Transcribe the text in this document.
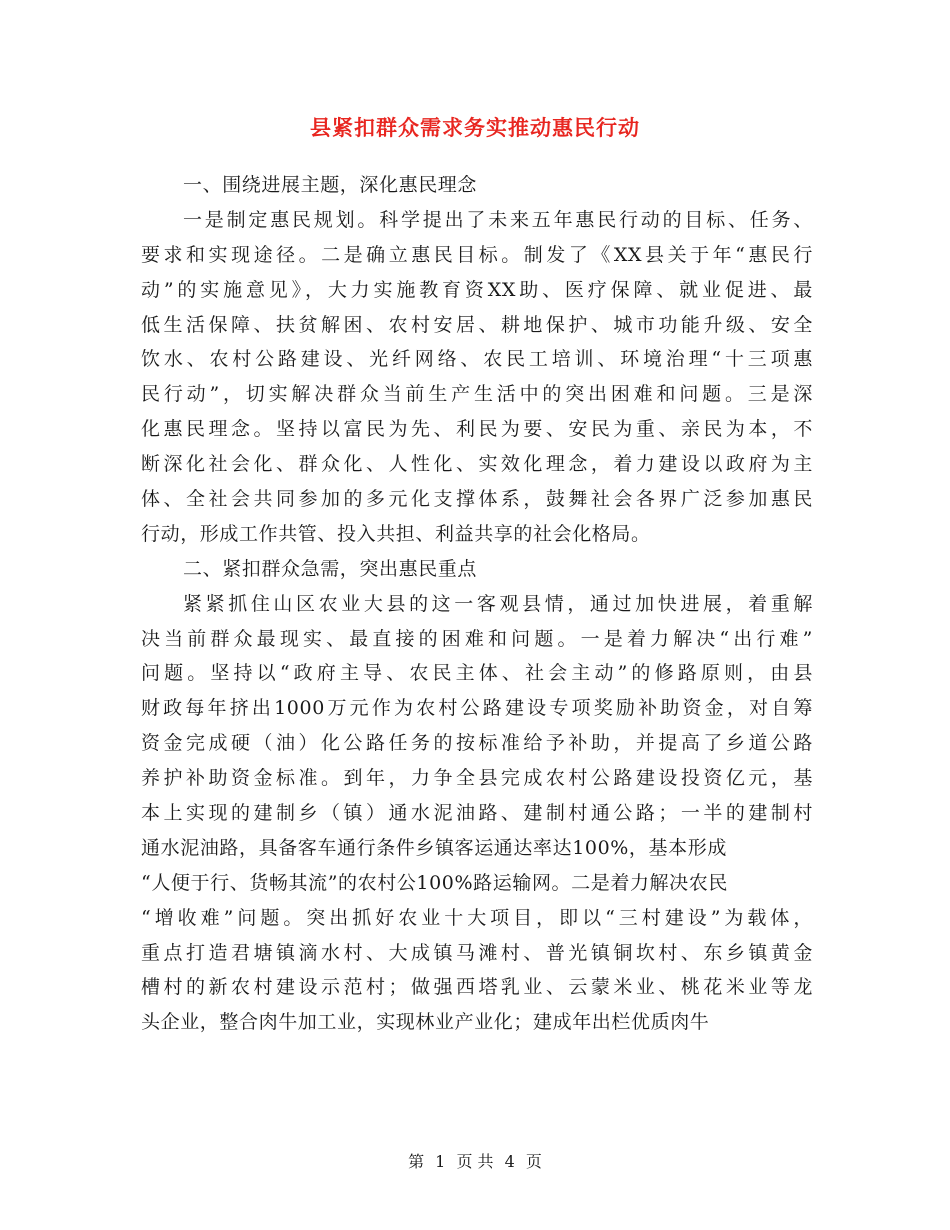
县紧扣群众需求务实推动惠民行动
一、围绕进展主题，深化惠民理念
一是制定惠民规划。科学提出了未来五年惠民行动的目标、任务、
要求和实现途径。二是确立惠民目标。制发了《XX县关于年“惠民行
动”的实施意见》，大力实施教育资XX助、医疗保障、就业促进、最
低生活保障、扶贫解困、农村安居、耕地保护、城市功能升级、安全
饮水、农村公路建设、光纤网络、农民工培训、环境治理“十三项惠
民行动”，切实解决群众当前生产生活中的突出困难和问题。三是深
化惠民理念。坚持以富民为先、利民为要、安民为重、亲民为本，不
断深化社会化、群众化、人性化、实效化理念，着力建设以政府为主
体、全社会共同参加的多元化支撑体系，鼓舞社会各界广泛参加惠民
行动，形成工作共管、投入共担、利益共享的社会化格局。
二、紧扣群众急需，突出惠民重点
紧紧抓住山区农业大县的这一客观县情，通过加快进展，着重解
决当前群众最现实、最直接的困难和问题。一是着力解决“出行难”
问题。坚持以“政府主导、农民主体、社会主动”的修路原则，由县
财政每年挤出1000万元作为农村公路建设专项奖励补助资金，对自筹
资金完成硬（油）化公路任务的按标准给予补助，并提高了乡道公路
养护补助资金标准。到年，力争全县完成农村公路建设投资亿元，基
本上实现的建制乡（镇）通水泥油路、建制村通公路；一半的建制村
通水泥油路，具备客车通行条件乡镇客运通达率达100%，基本形成
“人便于行、货畅其流”的农村公100%路运输网。二是着力解决农民
“增收难”问题。突出抓好农业十大项目，即以“三村建设”为载体，
重点打造君塘镇滴水村、大成镇马滩村、普光镇铜坎村、东乡镇黄金
槽村的新农村建设示范村；做强西塔乳业、云蒙米业、桃花米业等龙
头企业，整合肉牛加工业，实现林业产业化；建成年出栏优质肉牛
第 1 页 共 4 页
